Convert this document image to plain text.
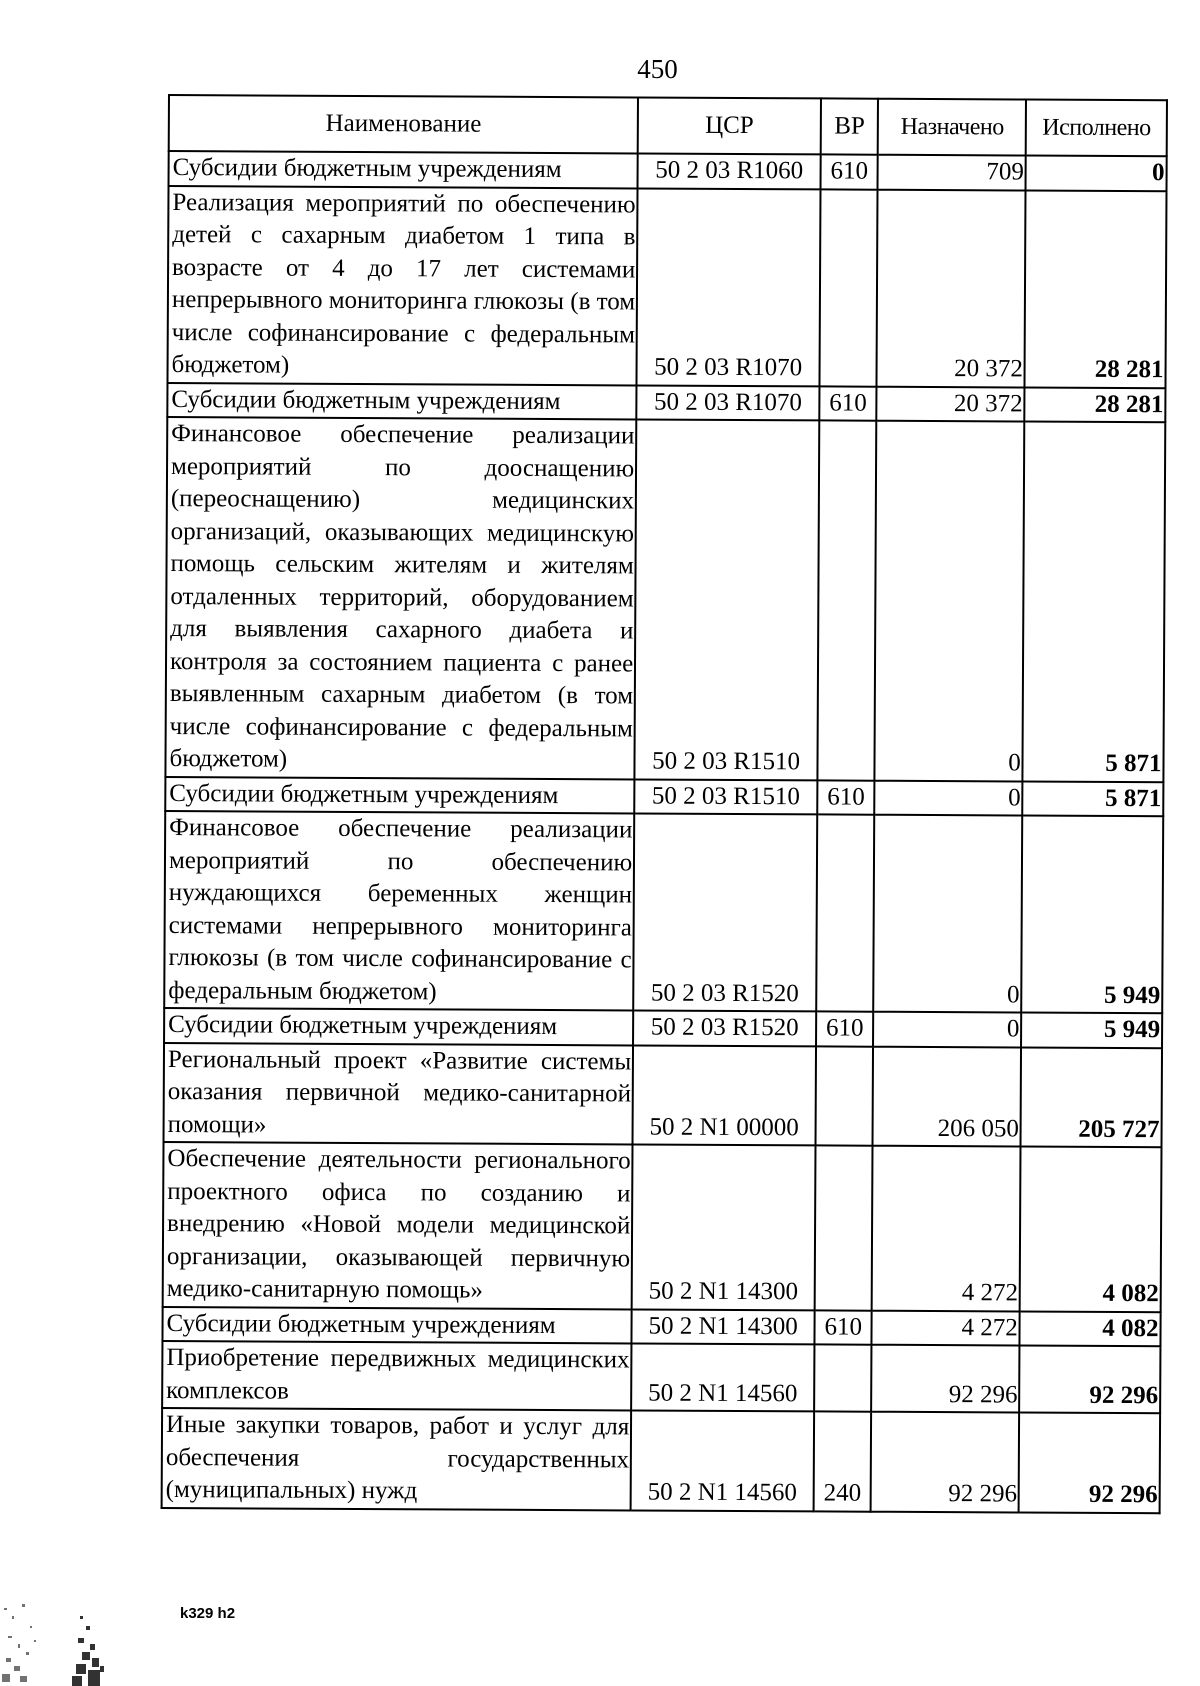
450
Наименование	ЦСР	ВР	Назначено	Исполнено
Субсидии бюджетным учреждениям	50 2 03 R1060	610	709	0
Реализация мероприятий по обеспечению детей с сахарным диабетом 1 типа в возрасте от 4 до 17 лет системами непрерывного мониторинга глюкозы (в том числе софинансирование с федеральным бюджетом)	50 2 03 R1070		20 372	28 281
Субсидии бюджетным учреждениям	50 2 03 R1070	610	20 372	28 281
Финансовое обеспечение реализации мероприятий по дооснащению (переоснащению) медицинских организаций, оказывающих медицинскую помощь сельским жителям и жителям отдаленных территорий, оборудованием для выявления сахарного диабета и контроля за состоянием пациента с ранее выявленным сахарным диабетом (в том числе софинансирование с федеральным бюджетом)	50 2 03 R1510		0	5 871
Субсидии бюджетным учреждениям	50 2 03 R1510	610	0	5 871
Финансовое обеспечение реализации мероприятий по обеспечению нуждающихся беременных женщин системами непрерывного мониторинга глюкозы (в том числе софинансирование с федеральным бюджетом)	50 2 03 R1520		0	5 949
Субсидии бюджетным учреждениям	50 2 03 R1520	610	0	5 949
Региональный проект «Развитие системы оказания первичной медико-санитарной помощи»	50 2 N1 00000		206 050	205 727
Обеспечение деятельности регионального проектного офиса по созданию и внедрению «Новой модели медицинской организации, оказывающей первичную медико-санитарную помощь»	50 2 N1 14300		4 272	4 082
Субсидии бюджетным учреждениям	50 2 N1 14300	610	4 272	4 082
Приобретение передвижных медицинских комплексов	50 2 N1 14560		92 296	92 296
Иные закупки товаров, работ и услуг для обеспечения государственных (муниципальных) нужд	50 2 N1 14560	240	92 296	92 296
k329 h2
